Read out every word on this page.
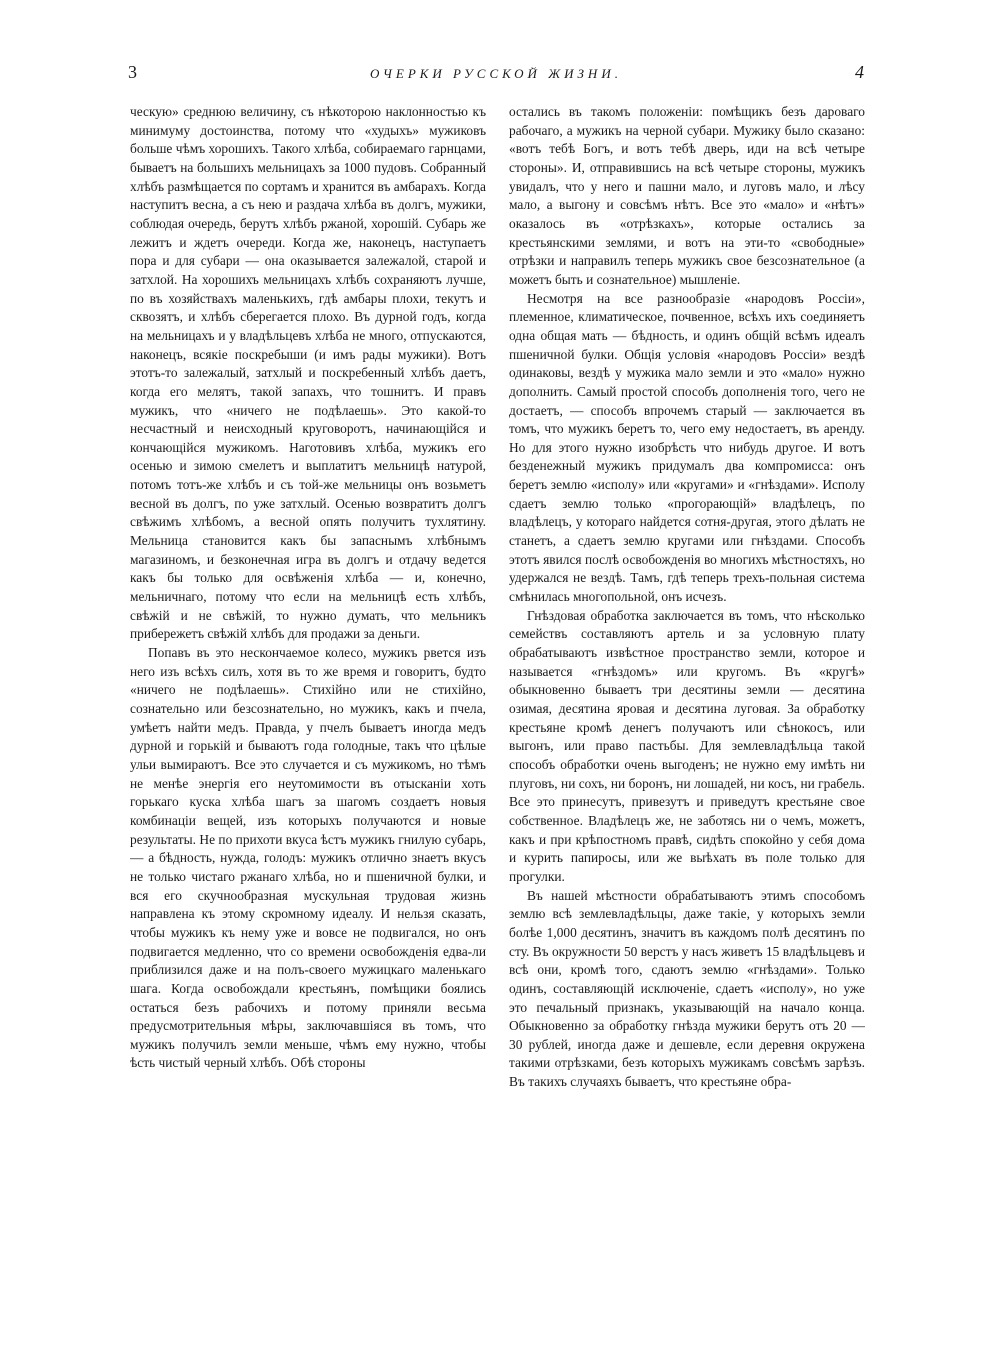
3	ОЧЕРКИ РУССКОЙ ЖИЗНИ.	4

ческую» среднюю величину, съ нѣкоторою наклонностью къ минимуму достоинства, потому что «худыхъ» мужиковъ больше чѣмъ хорошихъ. Такого хлѣба, собираемаго гарнцами, бываетъ на большихъ мельницахъ за 1000 пудовъ. Собранный хлѣбъ размѣщается по сортамъ и хранится въ амбарахъ. Когда наступитъ весна, а съ нею и раздача хлѣба въ долгъ, мужики, соблюдая очередь, берутъ хлѣбъ ржаной, хорошій. Субарь же лежитъ и ждетъ очереди. Когда же, наконецъ, наступаетъ пора и для субари — она оказывается залежалой, старой и затхлой. На хорошихъ мельницахъ хлѣбъ сохраняютъ лучше, по въ хозяйствахъ маленькихъ, гдѣ амбары плохи, текутъ и сквозятъ, и хлѣбъ сберегается плохо. Въ дурной годъ, когда на мельницахъ и у владѣльцевъ хлѣба не много, отпускаются, наконецъ, всякіе поскребыши (и имъ рады мужики). Вотъ этотъ-то залежалый, затхлый и поскребенный хлѣбъ даетъ, когда его мелятъ, такой запахъ, что тошнитъ. И правъ мужикъ, что «ничего не подѣлаешь». Это какой-то несчастный и неисходный круговоротъ, начинающійся и кончающійся мужикомъ. Наготовивъ хлѣба, мужикъ его осенью и зимою смелетъ и выплатитъ мельницѣ натурой, потомъ тотъ-же хлѣбъ и съ той-же мельницы онъ возьметъ весной въ долгъ, по уже затхлый. Осенью возвратитъ долгъ свѣжимъ хлѣбомъ, а весной опять получитъ тухлятину. Мельница становится какъ бы запаснымъ хлѣбнымъ магазиномъ, и безконечная игра въ долгъ и отдачу ведется какъ бы только для освѣженія хлѣба — и, конечно, мельничнаго, потому что если на мельницѣ есть хлѣбъ, свѣжій и не свѣжій, то нужно думать, что мельникъ прибережетъ свѣжій хлѣбъ для продажи за деньги.

Попавъ въ это нескончаемое колесо, мужикъ рвется изъ него изъ всѣхъ силъ, хотя въ то же время и говоритъ, будто «ничего не подѣлаешь». Стихійно или не стихійно, сознательно или безсознательно, но мужикъ, какъ и пчела, умѣетъ найти медъ. Правда, у пчелъ бываетъ иногда медъ дурной и горькій и бываютъ года голодные, такъ что цѣлые ульи вымираютъ. Все это случается и съ мужикомъ, но тѣмъ не менѣе энергія его неутомимости въ отысканіи хоть горькаго куска хлѣба шагъ за шагомъ создаетъ новыя комбинаціи вещей, изъ которыхъ получаются и новые результаты. Не по прихоти вкуса ѣстъ мужикъ гнилую субарь, — а бѣдность, нужда, голодъ: мужикъ отлично знаетъ вкусъ не только чистаго ржанаго хлѣба, но и пшеничной булки, и вся его скучнообразная мускульная трудовая жизнь направлена къ этому скромному идеалу. И нельзя сказать, чтобы мужикъ къ нему уже и вовсе не подвигался, но онъ подвигается медленно, что со времени освобожденія едва-ли приблизился даже и на полъ-своего мужицкаго маленькаго шага. Когда освобождали крестьянъ, помѣщики боялись остаться безъ рабочихъ и потому приняли весьма предусмотрительныя мѣры, заключавшіяся въ томъ, что мужикъ получилъ земли меньше, чѣмъ ему нужно, чтобы ѣсть чистый черный хлѣбъ. Обѣ стороны

остались въ такомъ положеніи: помѣщикъ безъ дароваго рабочаго, а мужикъ на черной субари. Мужику было сказано: «вотъ тебѣ Богъ, и вотъ тебѣ дверь, иди на всѣ четыре стороны». И, отправившись на всѣ четыре стороны, мужикъ увидалъ, что у него и пашни мало, и луговъ мало, и лѣсу мало, а выгону и совсѣмъ нѣтъ. Все это «мало» и «нѣтъ» оказалось въ «отрѣзкахъ», которые остались за крестьянскими землями, и вотъ на эти-то «свободные» отрѣзки и направилъ теперь мужикъ свое безсознательное (а можетъ быть и сознательное) мышленіе.

Несмотря на все разнообразіе «народовъ Россіи», племенное, климатическое, почвенное, всѣхъ ихъ соединяетъ одна общая мать — бѣдность, и одинъ общій всѣмъ идеалъ пшеничной булки. Общія условія «народовъ Россіи» вездѣ одинаковы, вездѣ у мужика мало земли и это «мало» нужно дополнить. Самый простой способъ дополненія того, чего не достаетъ, — способъ впрочемъ старый — заключается въ томъ, что мужикъ беретъ то, чего ему недостаетъ, въ аренду. Но для этого нужно изобрѣсть что нибудь другое. И вотъ безденежный мужикъ придумалъ два компромисса: онъ беретъ землю «исполу» или «кругами» и «гнѣздами». Исполу сдаетъ землю только «прогорающій» владѣлецъ, по владѣлецъ, у котораго найдется сотня-другая, этого дѣлать не станетъ, а сдаетъ землю кругами или гнѣздами. Способъ этотъ явился послѣ освобожденія во многихъ мѣстностяхъ, но удержался не вездѣ. Тамъ, гдѣ теперь трехъ-польная система смѣнилась многопольной, онъ исчезъ.

Гнѣздовая обработка заключается въ томъ, что нѣсколько семействъ составляютъ артель и за условную плату обрабатываютъ извѣстное пространство земли, которое и называется «гнѣздомъ» или кругомъ. Въ «кругѣ» обыкновенно бываетъ три десятины земли — десятина озимая, десятина яровая и десятина луговая. За обработку крестьяне кромѣ денегъ получаютъ или сѣнокосъ, или выгонъ, или право пастьбы. Для землевладѣльца такой способъ обработки очень выгоденъ; не нужно ему имѣть ни плуговъ, ни сохъ, ни боронъ, ни лошадей, ни косъ, ни грабель. Все это принесутъ, привезутъ и приведутъ крестьяне свое собственное. Владѣлецъ же, не заботясь ни о чемъ, можетъ, какъ и при крѣпостномъ правѣ, сидѣть спокойно у себя дома и курить папиросы, или же выѣхать въ поле только для прогулки.

Въ нашей мѣстности обрабатываютъ этимъ способомъ землю всѣ землевладѣльцы, даже такіе, у которыхъ земли болѣе 1,000 десятинъ, значитъ въ каждомъ полѣ десятинъ по сту. Въ окружности 50 верстъ у насъ живетъ 15 владѣльцевъ и всѣ они, кромѣ того, сдаютъ землю «гнѣздами». Только одинъ, составляющій исключеніе, сдаетъ «исполу», но уже это печальный признакъ, указывающій на начало конца. Обыкновенно за обработку гнѣзда мужики берутъ отъ 20 — 30 рублей, иногда даже и дешевле, если деревня окружена такими отрѣзками, безъ которыхъ мужикамъ совсѣмъ зарѣзъ. Въ такихъ случаяхъ бываетъ, что крестьяне обра-
